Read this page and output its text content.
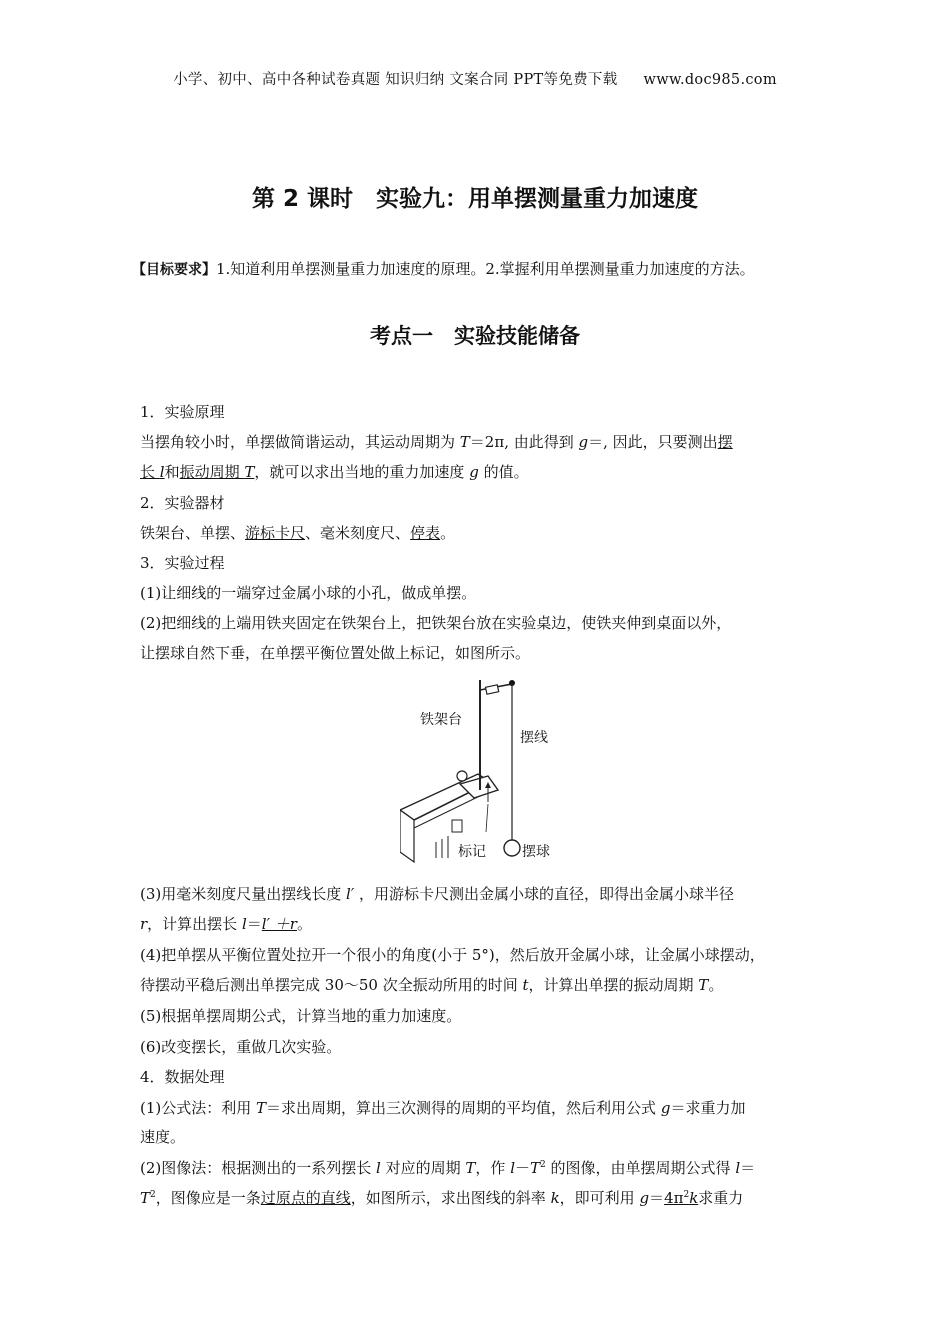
小学、初中、高中各种试卷真题 知识归纳 文案合同 PPT等免费下载 www.doc985.com
第 2 课时　实验九：用单摆测量重力加速度
【目标要求】1.知道利用单摆测量重力加速度的原理。2.掌握利用单摆测量重力加速度的方法。
考点一　实验技能储备
1．实验原理
当摆角较小时，单摆做简谐运动，其运动周期为 T＝2π, 由此得到 g＝, 因此，只要测出摆
长 l和振动周期 T，就可以求出当地的重力加速度 g 的值。
2．实验器材
铁架台、单摆、游标卡尺、毫米刻度尺、停表。
3．实验过程
(1)让细线的一端穿过金属小球的小孔，做成单摆。
(2)把细线的上端用铁夹固定在铁架台上，把铁架台放在实验桌边，使铁夹伸到桌面以外，
让摆球自然下垂，在单摆平衡位置处做上标记，如图所示。
铁架台
摆线
标记	摆球
(3)用毫米刻度尺量出摆线长度 l′ ，用游标卡尺测出金属小球的直径，即得出金属小球半径
r，计算出摆长 l＝l′ ＋r。
(4)把单摆从平衡位置处拉开一个很小的角度(小于 5°)，然后放开金属小球，让金属小球摆动，
待摆动平稳后测出单摆完成 30～50 次全振动所用的时间 t，计算出单摆的振动周期 T。
(5)根据单摆周期公式，计算当地的重力加速度。
(6)改变摆长，重做几次实验。
4．数据处理
(1)公式法：利用 T＝求出周期，算出三次测得的周期的平均值，然后利用公式 g＝求重力加
速度。
(2)图像法：根据测出的一系列摆长 l 对应的周期 T，作 $l-T^2$ 的图像，由单摆周期公式得 l＝
$T^2$，图像应是一条过原点的直线，如图所示，求出图线的斜率 k，即可利用 $g=4\pi^2k$求重力
